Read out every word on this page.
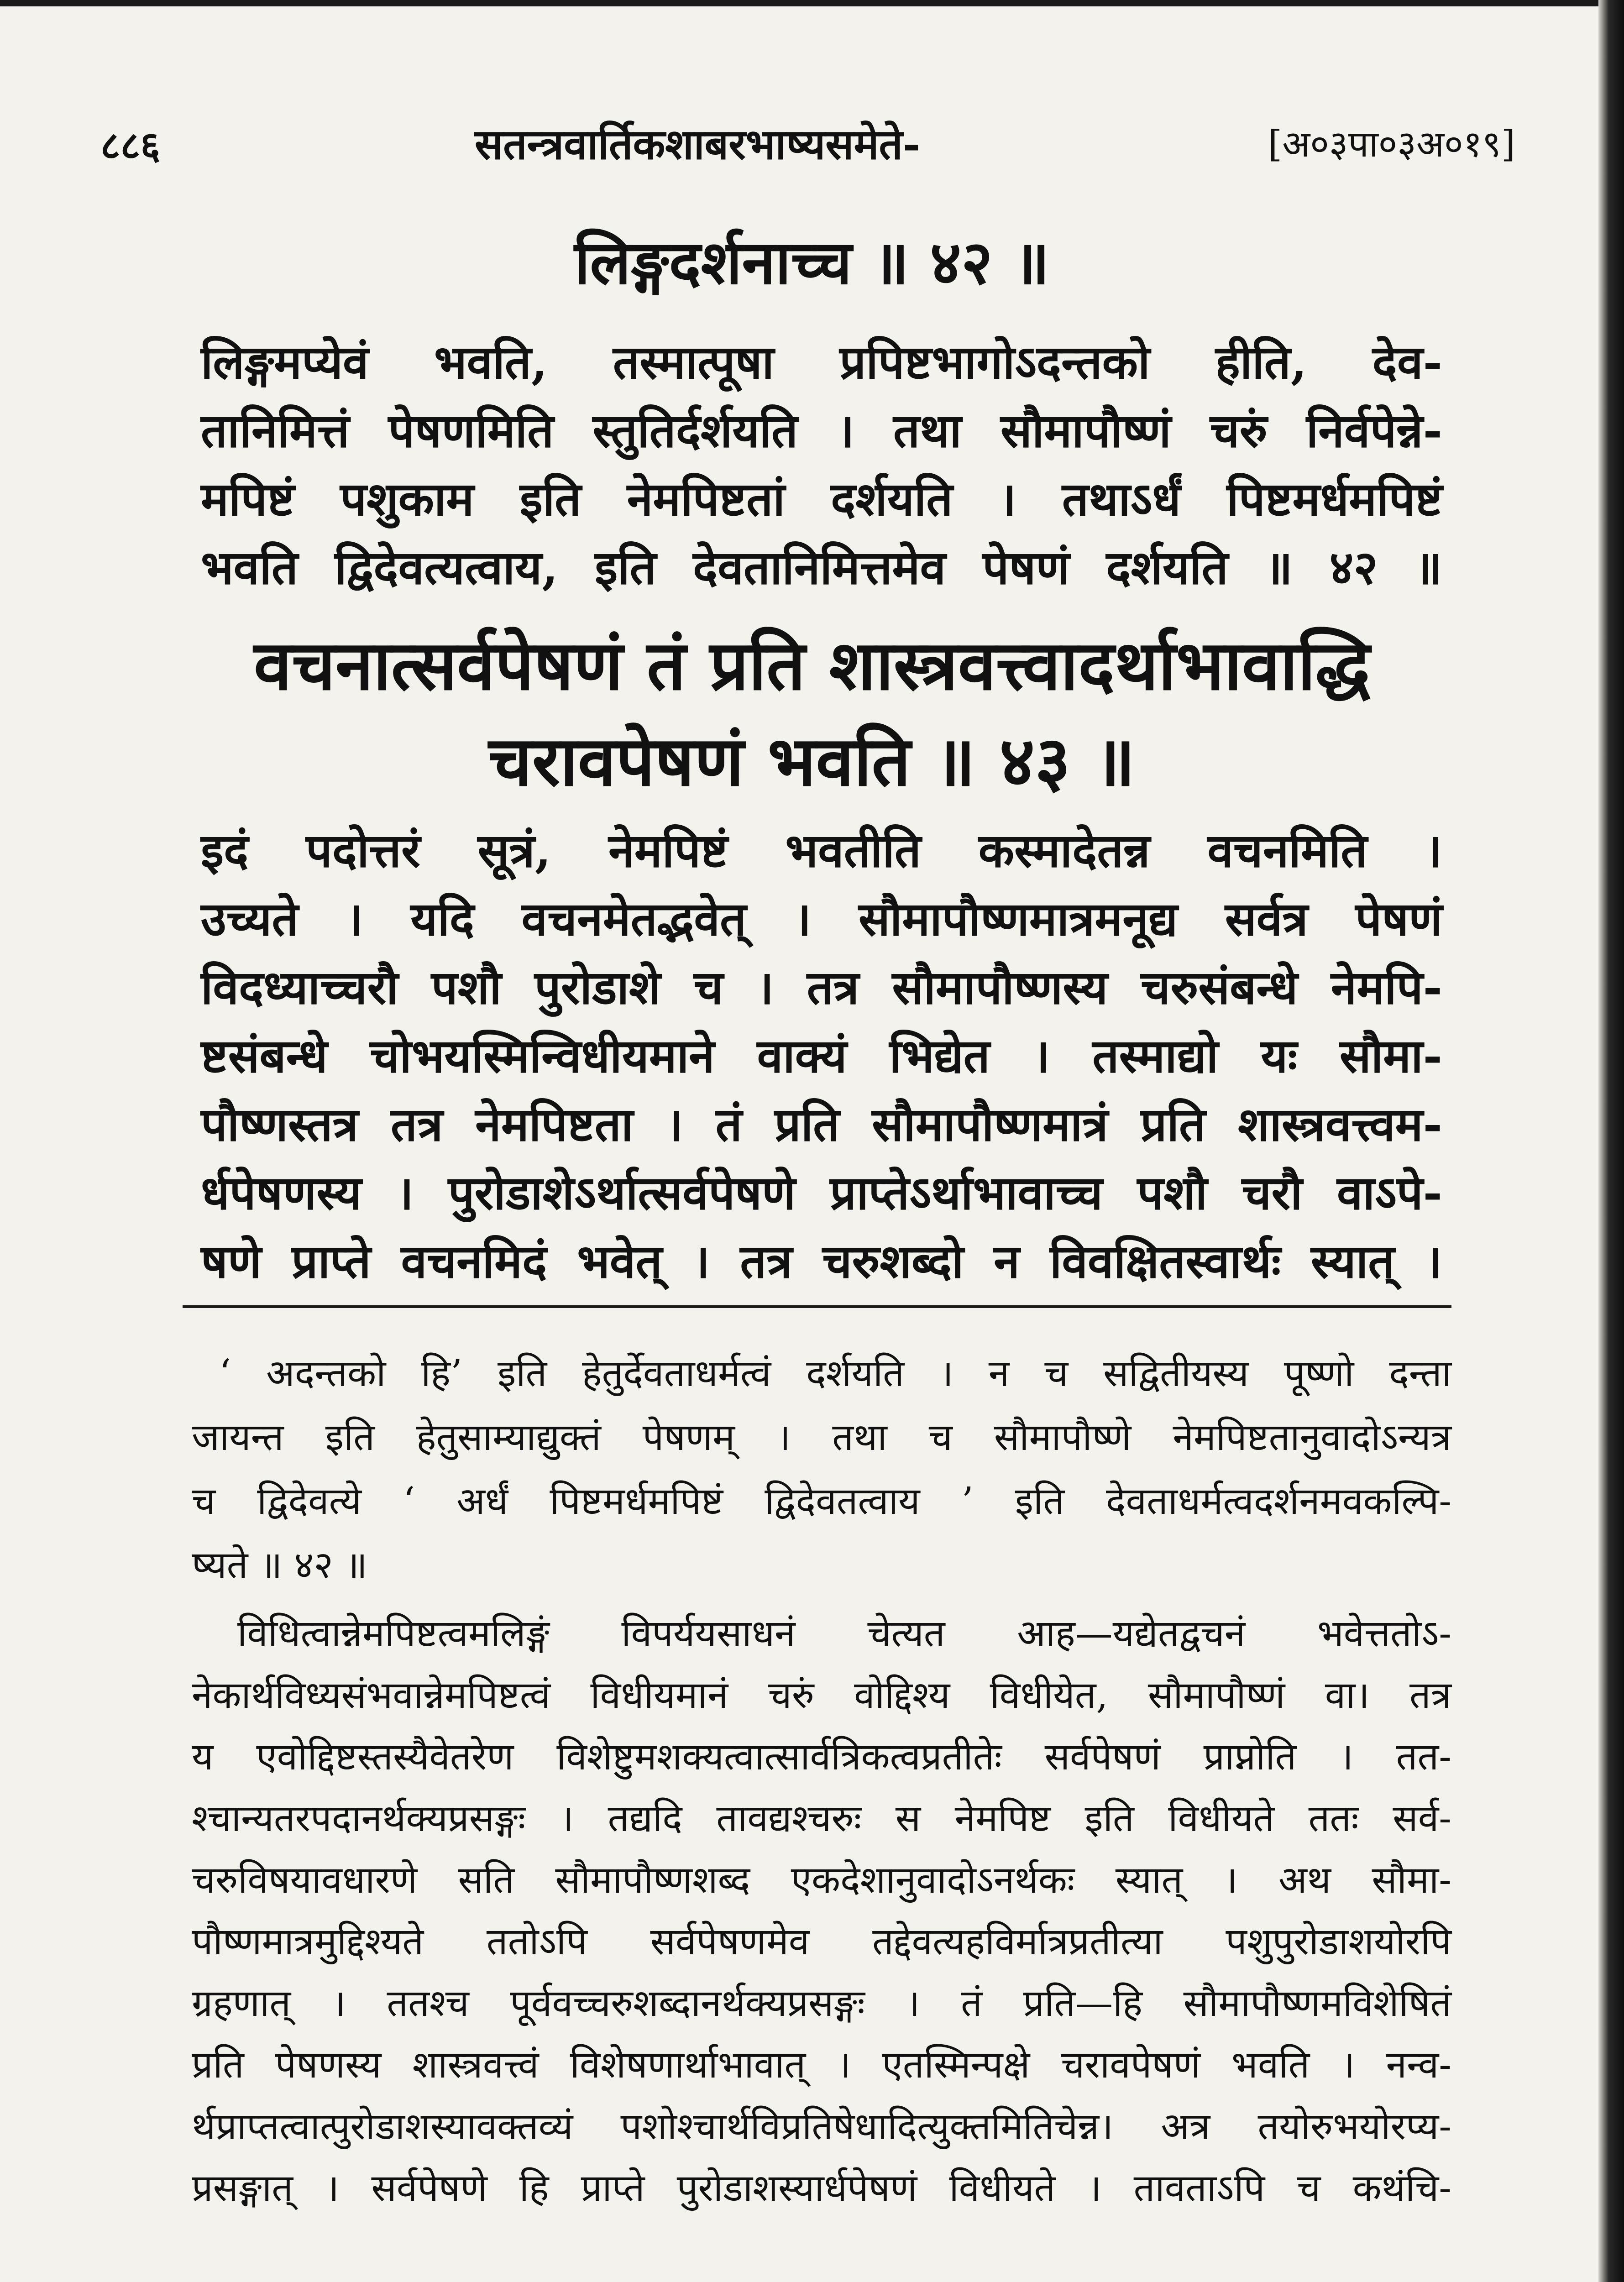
८८६	सतन्त्रवार्तिकशाबरभाष्यसमेते-	[अ०३पा०३अ०१९]
लिङ्गदर्शनाच्च ॥ ४२ ॥
लिङ्गमप्येवं भवति, तस्मात्पूषा प्रपिष्टभागोऽदन्तको हीति, देव-
तानिमित्तं पेषणमिति स्तुतिर्दर्शयति । तथा सौमापौष्णं चरुं निर्वपेन्ने-
मपिष्टं पशुकाम इति नेमपिष्टतां दर्शयति । तथाऽर्धं पिष्टमर्धमपिष्टं
भवति द्विदेवत्यत्वाय, इति देवतानिमित्तमेव पेषणं दर्शयति ॥ ४२ ॥
वचनात्सर्वपेषणं तं प्रति शास्त्रवत्त्वादर्थाभावाद्धि
चरावपेषणं भवति ॥ ४३ ॥
इदं पदोत्तरं सूत्रं, नेमपिष्टं भवतीति कस्मादेतन्न वचनमिति ।
उच्यते । यदि वचनमेतद्भवेत् । सौमापौष्णमात्रमनूद्य सर्वत्र पेषणं
विदध्याच्चरौ पशौ पुरोडाशे च । तत्र सौमापौष्णस्य चरुसंबन्धे नेमपि-
ष्टसंबन्धे चोभयस्मिन्विधीयमाने वाक्यं भिद्येत । तस्माद्यो यः सौमा-
पौष्णस्तत्र तत्र नेमपिष्टता । तं प्रति सौमापौष्णमात्रं प्रति शास्त्रवत्त्वम-
र्धपेषणस्य । पुरोडाशेऽर्थात्सर्वपेषणे प्राप्तेऽर्थाभावाच्च पशौ चरौ वाऽपे-
षणे प्राप्ते वचनमिदं भवेत् । तत्र चरुशब्दो न विवक्षितस्वार्थः स्यात् ।
‘ अदन्तको हि’ इति हेतुर्देवताधर्मत्वं दर्शयति । न च सद्वितीयस्य पूष्णो दन्ता
जायन्त इति हेतुसाम्याद्युक्तं पेषणम् । तथा च सौमापौष्णे नेमपिष्टतानुवादोऽन्यत्र
च द्विदेवत्ये ‘ अर्धं पिष्टमर्धमपिष्टं द्विदेवतत्वाय ’ इति देवताधर्मत्वदर्शनमवकल्पि-
ष्यते ॥ ४२ ॥
विधित्वान्नेमपिष्टत्वमलिङ्गं विपर्ययसाधनं चेत्यत आह—यद्येतद्वचनं भवेत्ततोऽ-
नेकार्थविध्यसंभवान्नेमपिष्टत्वं विधीयमानं चरुं वोद्दिश्य विधीयेत, सौमापौष्णं वा। तत्र
य एवोद्दिष्टस्तस्यैवेतरेण विशेष्टुमशक्यत्वात्सार्वत्रिकत्वप्रतीतेः सर्वपेषणं प्राप्नोति । तत-
श्चान्यतरपदानर्थक्यप्रसङ्गः । तद्यदि तावद्यश्चरुः स नेमपिष्ट इति विधीयते ततः सर्व-
चरुविषयावधारणे सति सौमापौष्णशब्द एकदेशानुवादोऽनर्थकः स्यात् । अथ सौमा-
पौष्णमात्रमुद्दिश्यते ततोऽपि सर्वपेषणमेव तद्देवत्यहविर्मात्रप्रतीत्या पशुपुरोडाशयोरपि
ग्रहणात् । ततश्च पूर्ववच्चरुशब्दानर्थक्यप्रसङ्गः । तं प्रति—हि सौमापौष्णमविशेषितं
प्रति पेषणस्य शास्त्रवत्त्वं विशेषणार्थाभावात् । एतस्मिन्पक्षे चरावपेषणं भवति । नन्व-
र्थप्राप्तत्वात्पुरोडाशस्यावक्तव्यं पशोश्चार्थविप्रतिषेधादित्युक्तमितिचेन्न। अत्र तयोरुभयोरप्य-
प्रसङ्गात् । सर्वपेषणे हि प्राप्ते पुरोडाशस्यार्धपेषणं विधीयते । तावताऽपि च कथंचि-
